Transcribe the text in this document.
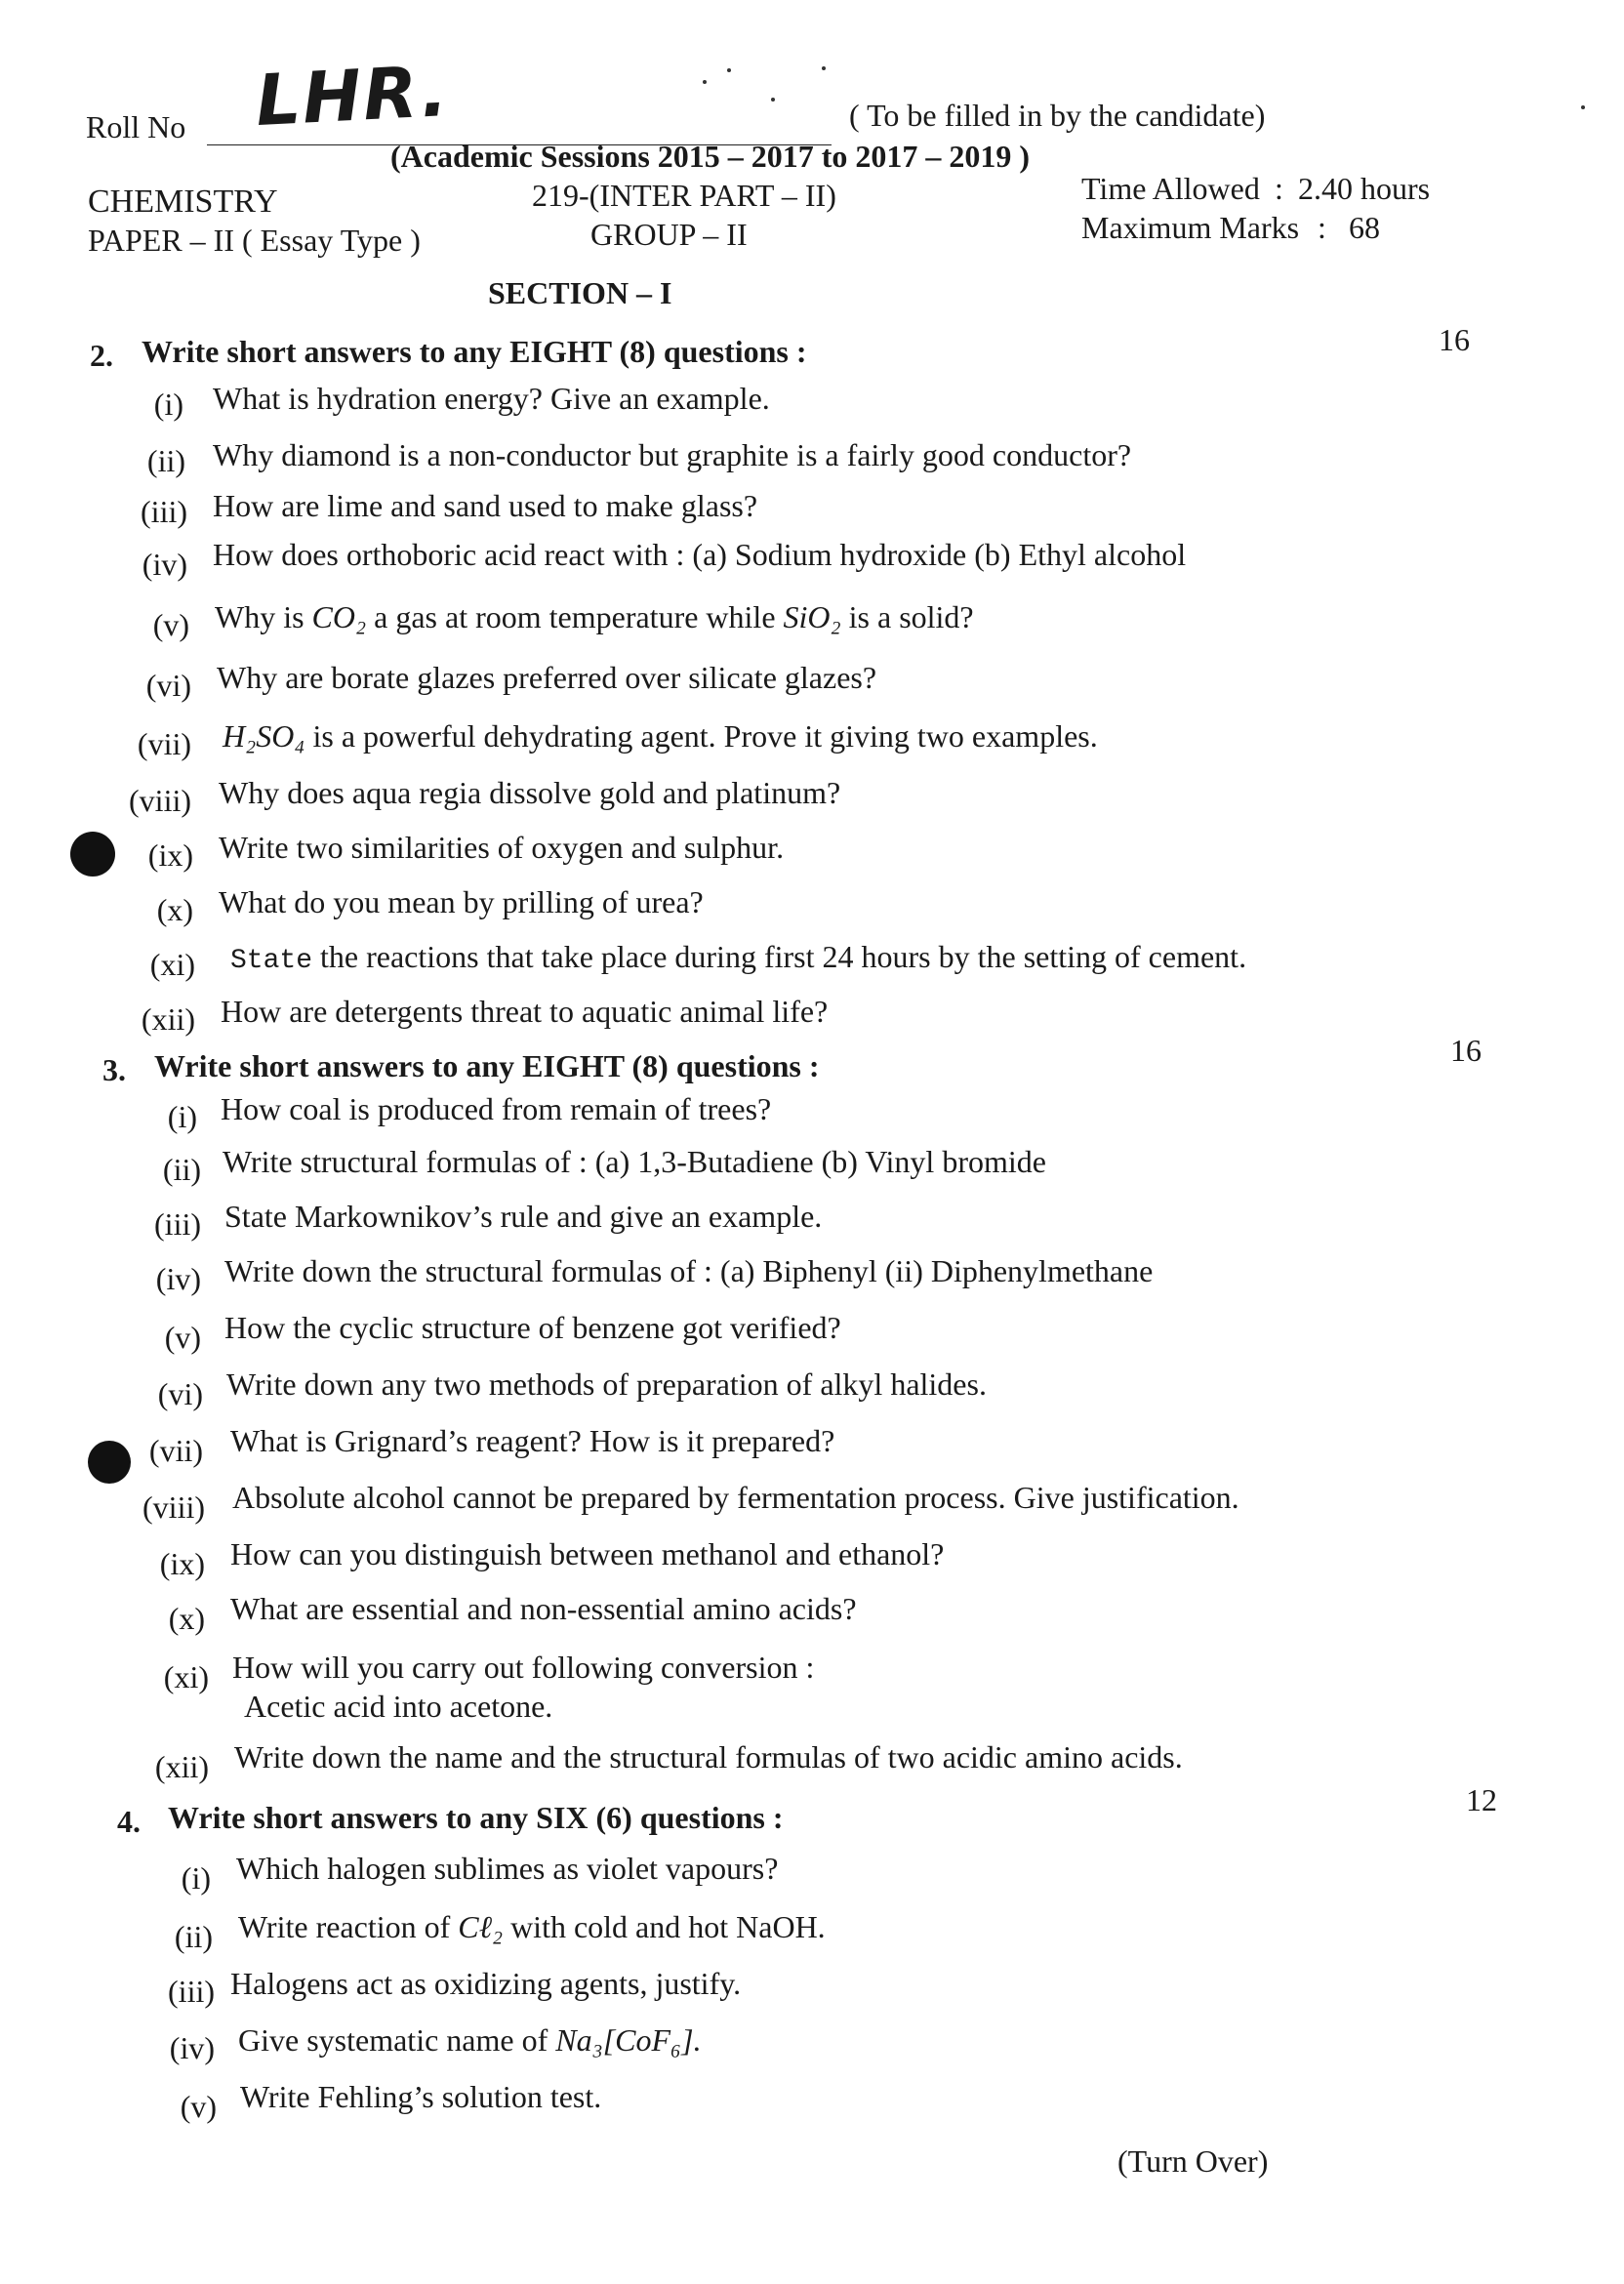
Roll No LHR.	( To be filled in by the candidate)
(Academic Sessions 2015 – 2017 to 2017 – 2019 )
CHEMISTRY
PAPER – II ( Essay Type )
219-(INTER PART – II)
GROUP – II
Time Allowed : 2.40 hours
Maximum Marks : 68
SECTION – I
2. Write short answers to any EIGHT (8) questions :	16
(i) What is hydration energy? Give an example.
(ii) Why diamond is a non-conductor but graphite is a fairly good conductor?
(iii) How are lime and sand used to make glass?
(iv) How does orthoboric acid react with : (a) Sodium hydroxide (b) Ethyl alcohol
(v) Why is CO₂ a gas at room temperature while SiO₂ is a solid?
(vi) Why are borate glazes preferred over silicate glazes?
(vii) H₂SO₄ is a powerful dehydrating agent. Prove it giving two examples.
(viii) Why does aqua regia dissolve gold and platinum?
(ix) Write two similarities of oxygen and sulphur.
(x) What do you mean by prilling of urea?
(xi) State the reactions that take place during first 24 hours by the setting of cement.
(xii) How are detergents threat to aquatic animal life?
3. Write short answers to any EIGHT (8) questions :	16
(i) How coal is produced from remain of trees?
(ii) Write structural formulas of : (a) 1,3-Butadiene (b) Vinyl bromide
(iii) State Markownikov’s rule and give an example.
(iv) Write down the structural formulas of : (a) Biphenyl (ii) Diphenylmethane
(v) How the cyclic structure of benzene got verified?
(vi) Write down any two methods of preparation of alkyl halides.
(vii) What is Grignard’s reagent? How is it prepared?
(viii) Absolute alcohol cannot be prepared by fermentation process. Give justification.
(ix) How can you distinguish between methanol and ethanol?
(x) What are essential and non-essential amino acids?
(xi) How will you carry out following conversion :
Acetic acid into acetone.
(xii) Write down the name and the structural formulas of two acidic amino acids.
4. Write short answers to any SIX (6) questions :	12
(i) Which halogen sublimes as violet vapours?
(ii) Write reaction of Cℓ₂ with cold and hot NaOH.
(iii) Halogens act as oxidizing agents, justify.
(iv) Give systematic name of Na₃[CoF₆].
(v) Write Fehling’s solution test.
(Turn Over)
